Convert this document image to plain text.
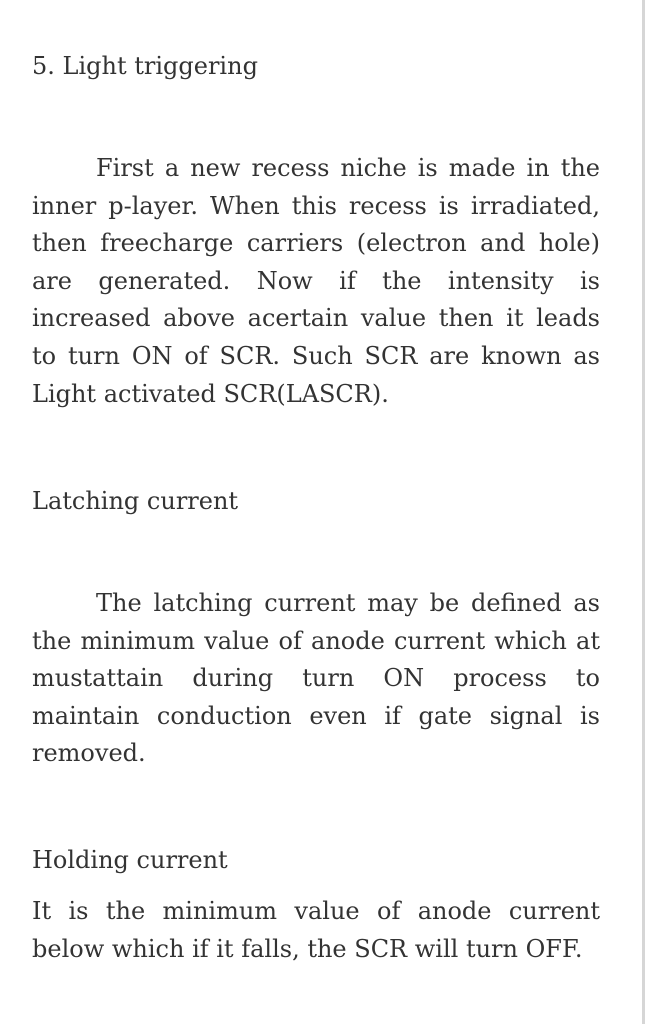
5. Light triggering

First a new recess niche is made in the inner p-layer. When this recess is irradiated, then freecharge carriers (electron and hole) are generated. Now if the intensity is increased above acertain value then it leads to turn ON of SCR. Such SCR are known as Light activated SCR(LASCR).

Latching current

The latching current may be defined as the minimum value of anode current which at mustattain during turn ON process to maintain conduction even if gate signal is removed.

Holding current

It is the minimum value of anode current below which if it falls, the SCR will turn OFF.
